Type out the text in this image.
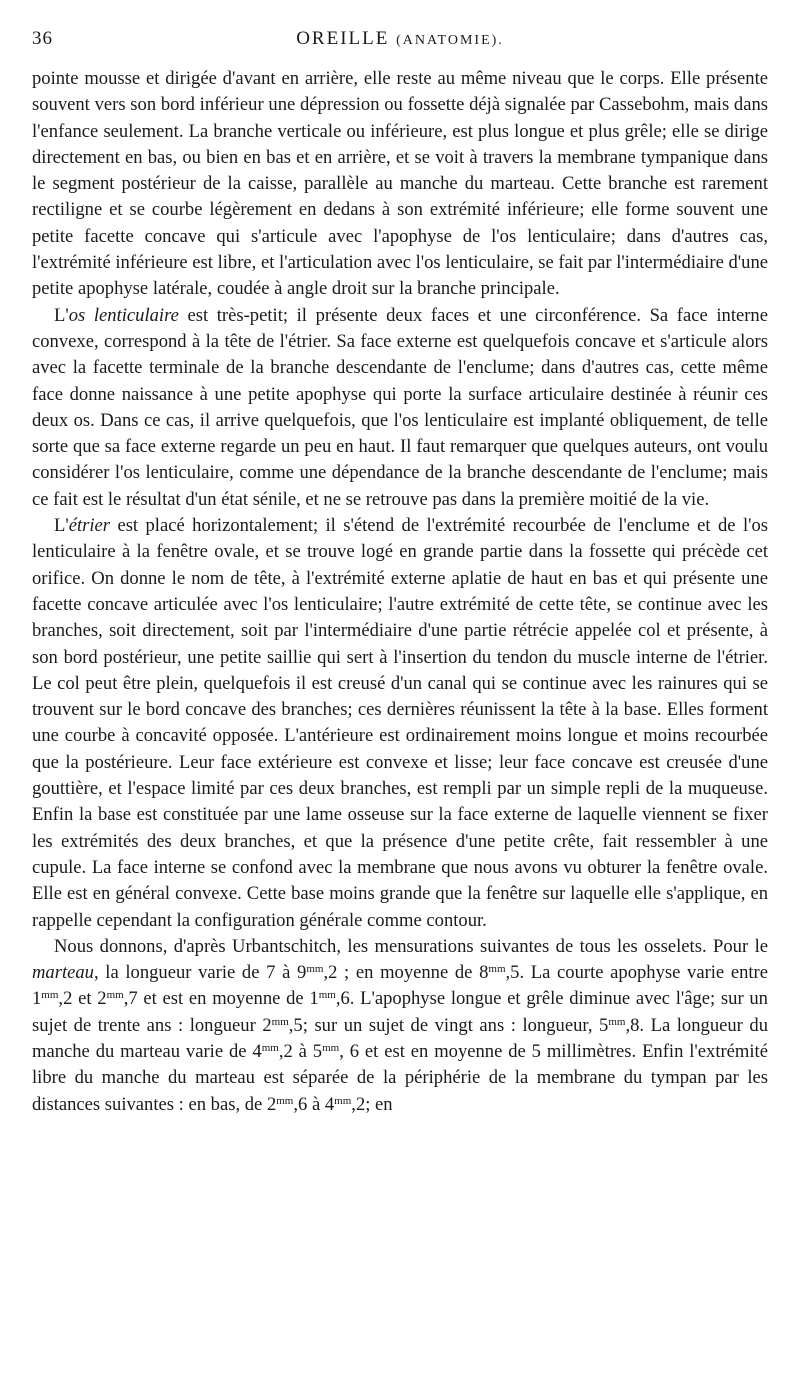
36	OREILLE (ANATOMIE).

pointe mousse et dirigée d'avant en arrière, elle reste au même niveau que le corps. Elle présente souvent vers son bord inférieur une dépression ou fossette déjà signalée par Cassebohm, mais dans l'enfance seulement. La branche verticale ou inférieure, est plus longue et plus grêle; elle se dirige directement en bas, ou bien en bas et en arrière, et se voit à travers la membrane tympanique dans le segment postérieur de la caisse, parallèle au manche du marteau. Cette branche est rarement rectiligne et se courbe légèrement en dedans à son extrémité inférieure; elle forme souvent une petite facette concave qui s'articule avec l'apophyse de l'os lenticulaire; dans d'autres cas, l'extrémité inférieure est libre, et l'articulation avec l'os lenticulaire, se fait par l'intermédiaire d'une petite apophyse latérale, coudée à angle droit sur la branche principale.

L'os lenticulaire est très-petit; il présente deux faces et une circonférence. Sa face interne convexe, correspond à la tête de l'étrier. Sa face externe est quelquefois concave et s'articule alors avec la facette terminale de la branche descendante de l'enclume; dans d'autres cas, cette même face donne naissance à une petite apophyse qui porte la surface articulaire destinée à réunir ces deux os. Dans ce cas, il arrive quelquefois, que l'os lenticulaire est implanté obliquement, de telle sorte que sa face externe regarde un peu en haut. Il faut remarquer que quelques auteurs, ont voulu considérer l'os lenticulaire, comme une dépendance de la branche descendante de l'enclume; mais ce fait est le résultat d'un état sénile, et ne se retrouve pas dans la première moitié de la vie.

L'étrier est placé horizontalement; il s'étend de l'extrémité recourbée de l'enclume et de l'os lenticulaire à la fenêtre ovale, et se trouve logé en grande partie dans la fossette qui précède cet orifice. On donne le nom de tête, à l'extrémité externe aplatie de haut en bas et qui présente une facette concave articulée avec l'os lenticulaire; l'autre extrémité de cette tête, se continue avec les branches, soit directement, soit par l'intermédiaire d'une partie rétrécie appelée col et présente, à son bord postérieur, une petite saillie qui sert à l'insertion du tendon du muscle interne de l'étrier. Le col peut être plein, quelquefois il est creusé d'un canal qui se continue avec les rainures qui se trouvent sur le bord concave des branches; ces dernières réunissent la tête à la base. Elles forment une courbe à concavité opposée. L'antérieure est ordinairement moins longue et moins recourbée que la postérieure. Leur face extérieure est convexe et lisse; leur face concave est creusée d'une gouttière, et l'espace limité par ces deux branches, est rempli par un simple repli de la muqueuse. Enfin la base est constituée par une lame osseuse sur la face externe de laquelle viennent se fixer les extrémités des deux branches, et que la présence d'une petite crête, fait ressembler à une cupule. La face interne se confond avec la membrane que nous avons vu obturer la fenêtre ovale. Elle est en général convexe. Cette base moins grande que la fenêtre sur laquelle elle s'applique, en rappelle cependant la configuration générale comme contour.

Nous donnons, d'après Urbantschitch, les mensurations suivantes de tous les osselets. Pour le marteau, la longueur varie de 7 à $9^{mm},2$ ; en moyenne de $8^{mm},5$. La courte apophyse varie entre $1^{mm},2$ et $2^{mm},7$ et est en moyenne de $1^{mm},6$. L'apophyse longue et grêle diminue avec l'âge; sur un sujet de trente ans : longueur $2^{mm},5$; sur un sujet de vingt ans : longueur, $5^{mm},8$. La longueur du manche du marteau varie de $4^{mm},2$ à $5^{mm}$, 6 et est en moyenne de 5 millimètres. Enfin l'extrémité libre du manche du marteau est séparée de la périphérie de la membrane du tympan par les distances suivantes : en bas, de $2^{mm},6$ à $4^{mm},2$; en
